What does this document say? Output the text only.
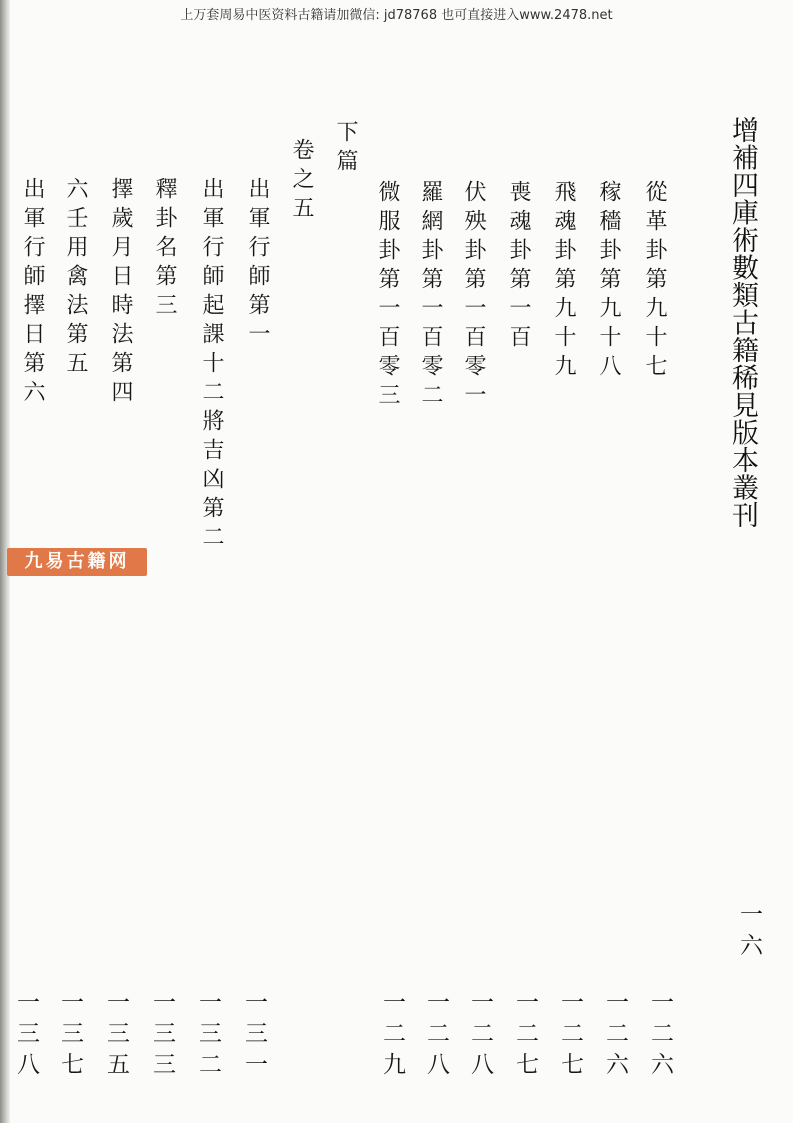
上万套周易中医资料古籍请加微信: jd78768 也可直接进入www.2478.net
增補四庫術數類古籍稀見版本叢刊
一六
從革卦第九十七
稼穡卦第九十八
飛魂卦第九十九
喪魂卦第一百
伏殃卦第一百零一
羅網卦第一百零二
微服卦第一百零三
下篇
卷之五
出軍行師第一
出軍行師起課十二將吉凶第二
釋卦名第三
擇歲月日時法第四
六壬用禽法第五
出軍行師擇日第六
一二六
一二六
一二七
一二七
一二八
一二八
一二九
一三一
一三二
一三三
一三五
一三七
一三八
九易古籍网
